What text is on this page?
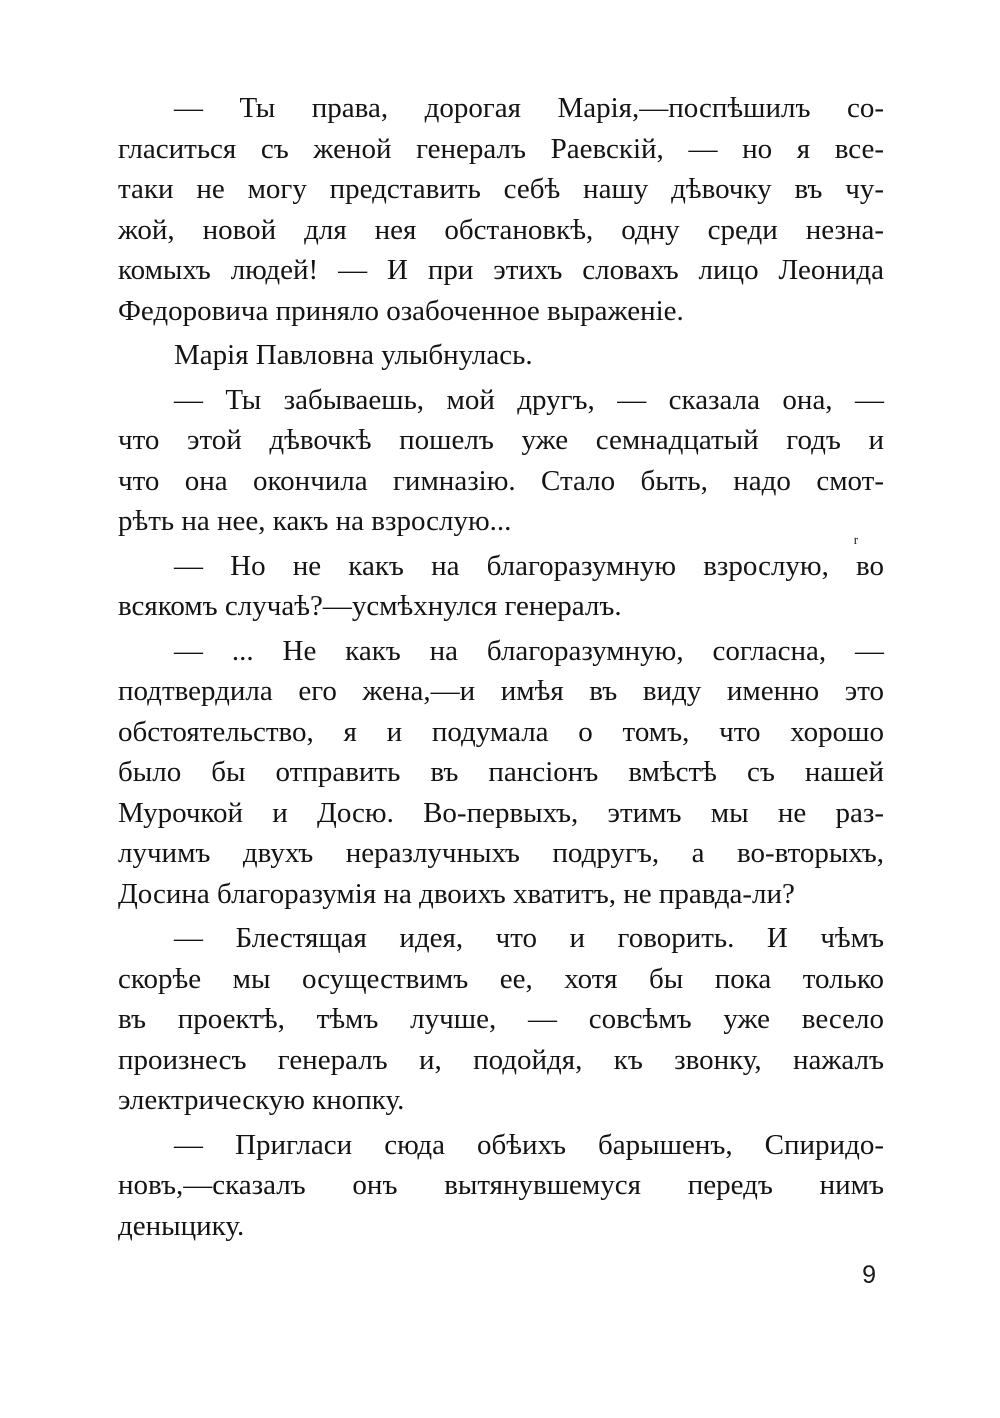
— Ты права, дорогая Марія,—поспѣшилъ со-
гласиться съ женой генералъ Раевскій, — но я все-
таки не могу представить себѣ нашу дѣвочку въ чу-
жой, новой для нея обстановкѣ, одну среди незна-
комыхъ людей! — И при этихъ словахъ лицо Леонида
Федоровича приняло озабоченное выраженіе.
Марія Павловна улыбнулась.
— Ты забываешь, мой другъ, — сказала она, —
что этой дѣвочкѣ пошелъ уже семнадцатый годъ и
что она окончила гимназію. Стало быть, надо смот-
рѣть на нее, какъ на взрослую...
— Но не какъ на благоразумную взрослую, во
всякомъ случаѣ?—усмѣхнулся генералъ.
— ... Не какъ на благоразумную, согласна, —
подтвердила его жена,—и имѣя въ виду именно это
обстоятельство, я и подумала о томъ, что хорошо
было бы отправить въ пансіонъ вмѣстѣ съ нашей
Мурочкой и Досю. Во-первыхъ, этимъ мы не раз-
лучимъ двухъ неразлучныхъ подругъ, а во-вторыхъ,
Досина благоразумія на двоихъ хватитъ, не правда-ли?
— Блестящая идея, что и говорить. И чѣмъ
скорѣе мы осуществимъ ее, хотя бы пока только
въ проектѣ, тѣмъ лучше, — совсѣмъ уже весело
произнесъ генералъ и, подойдя, къ звонку, нажалъ
электрическую кнопку.
— Пригласи сюда обѣихъ барышенъ, Спиридо-
новъ,—сказалъ онъ вытянувшемуся передъ нимъ
деныцику.
9
